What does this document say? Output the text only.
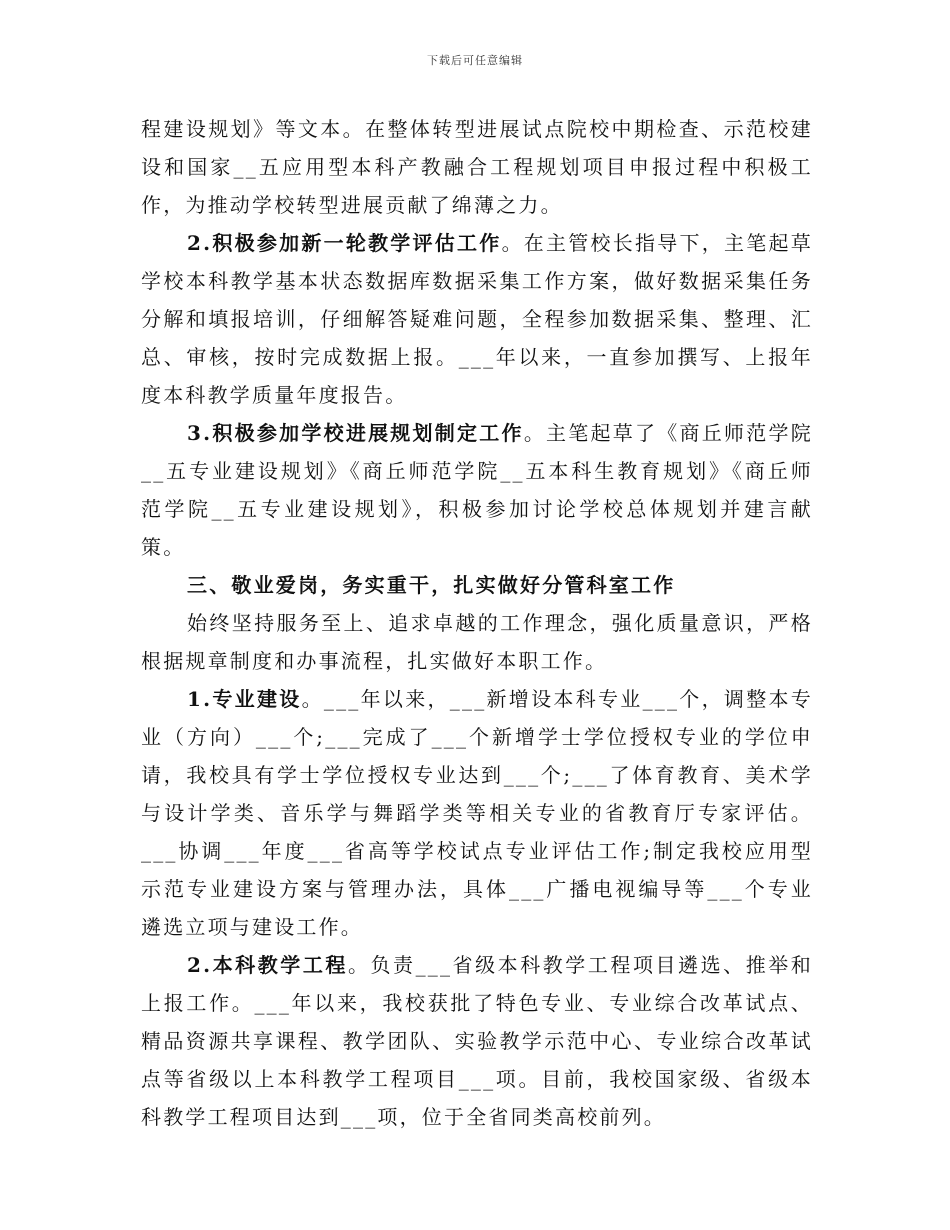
下载后可任意编辑

程建设规划》等文本。在整体转型进展试点院校中期检查、示范校建设和国家__五应用型本科产教融合工程规划项目申报过程中积极工作，为推动学校转型进展贡献了绵薄之力。

2.积极参加新一轮教学评估工作。在主管校长指导下，主笔起草学校本科教学基本状态数据库数据采集工作方案，做好数据采集任务分解和填报培训，仔细解答疑难问题，全程参加数据采集、整理、汇总、审核，按时完成数据上报。___年以来，一直参加撰写、上报年度本科教学质量年度报告。

3.积极参加学校进展规划制定工作。主笔起草了《商丘师范学院__五专业建设规划》《商丘师范学院__五本科生教育规划》《商丘师范学院__五专业建设规划》，积极参加讨论学校总体规划并建言献策。

三、敬业爱岗，务实重干，扎实做好分管科室工作

始终坚持服务至上、追求卓越的工作理念，强化质量意识，严格根据规章制度和办事流程，扎实做好本职工作。

1.专业建设。___年以来，___新增设本科专业___个，调整本专业（方向）___个;___完成了___个新增学士学位授权专业的学位申请，我校具有学士学位授权专业达到___个;___了体育教育、美术学与设计学类、音乐学与舞蹈学类等相关专业的省教育厅专家评估。___协调___年度___省高等学校试点专业评估工作;制定我校应用型示范专业建设方案与管理办法，具体___广播电视编导等___个专业遴选立项与建设工作。

2.本科教学工程。负责___省级本科教学工程项目遴选、推举和上报工作。___年以来，我校获批了特色专业、专业综合改革试点、精品资源共享课程、教学团队、实验教学示范中心、专业综合改革试点等省级以上本科教学工程项目___项。目前，我校国家级、省级本科教学工程项目达到___项，位于全省同类高校前列。
